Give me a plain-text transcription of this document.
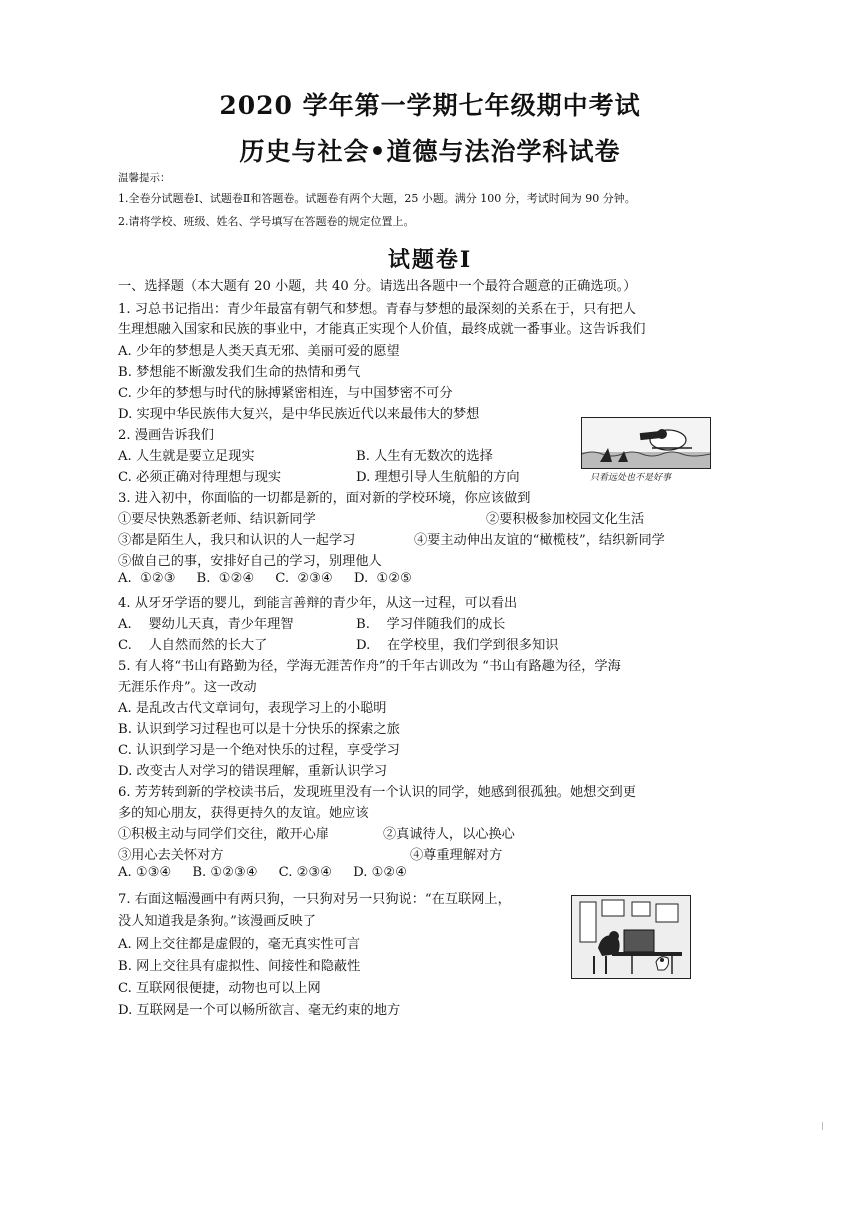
2020 学年第一学期七年级期中考试
历史与社会•道德与法治学科试卷
温馨提示：
1.全卷分试题卷Ⅰ、试题卷Ⅱ和答题卷。试题卷有两个大题，25 小题。满分 100 分，考试时间为 90 分钟。
2.请将学校、班级、姓名、学号填写在答题卷的规定位置上。
试题卷Ⅰ
一、选择题（本大题有 20 小题，共 40 分。请选出各题中一个最符合题意的正确选项。）
1. 习总书记指出：青少年最富有朝气和梦想。青春与梦想的最深刻的关系在于，只有把人
生理想融入国家和民族的事业中，才能真正实现个人价值，最终成就一番事业。这告诉我们
A. 少年的梦想是人类天真无邪、美丽可爱的愿望
B. 梦想能不断激发我们生命的热情和勇气
C. 少年的梦想与时代的脉搏紧密相连，与中国梦密不可分
D. 实现中华民族伟大复兴，是中华民族近代以来最伟大的梦想
2. 漫画告诉我们
A. 人生就是要立足现实	B. 人生有无数次的选择
C. 必须正确对待理想与现实	D. 理想引导人生航船的方向	只看远处也不是好事
3. 进入初中，你面临的一切都是新的，面对新的学校环境，你应该做到
①要尽快熟悉新老师、结识新同学	②要积极参加校园文化生活
③都是陌生人，我只和认识的人一起学习	④要主动伸出友谊的“橄榄枝”，结织新同学
⑤做自己的事，安排好自己的学习，别理他人
A.  ①②③     B.  ①②④     C.  ②③④     D.  ①②⑤
4. 从牙牙学语的婴儿，到能言善辩的青少年，从这一过程，可以看出
A.    婴幼儿天真，青少年理智	B.    学习伴随我们的成长
C.    人自然而然的长大了	D.    在学校里，我们学到很多知识
5. 有人将“书山有路勤为径，学海无涯苦作舟”的千年古训改为 “书山有路趣为径，学海
无涯乐作舟”。这一改动
A. 是乱改古代文章词句，表现学习上的小聪明
B. 认识到学习过程也可以是十分快乐的探索之旅
C. 认识到学习是一个绝对快乐的过程，享受学习
D. 改变古人对学习的错误理解，重新认识学习
6. 芳芳转到新的学校读书后，发现班里没有一个认识的同学，她感到很孤独。她想交到更
多的知心朋友，获得更持久的友谊。她应该
①积极主动与同学们交往，敞开心扉	②真诚待人，以心换心
③用心去关怀对方	④尊重理解对方
A. ①③④     B. ①②③④     C. ②③④     D. ①②④
7. 右面这幅漫画中有两只狗，一只狗对另一只狗说：“在互联网上，
没人知道我是条狗。”该漫画反映了
A. 网上交往都是虚假的，毫无真实性可言
B. 网上交往具有虚拟性、间接性和隐蔽性
C. 互联网很便捷，动物也可以上网
D. 互联网是一个可以畅所欲言、毫无约束的地方
